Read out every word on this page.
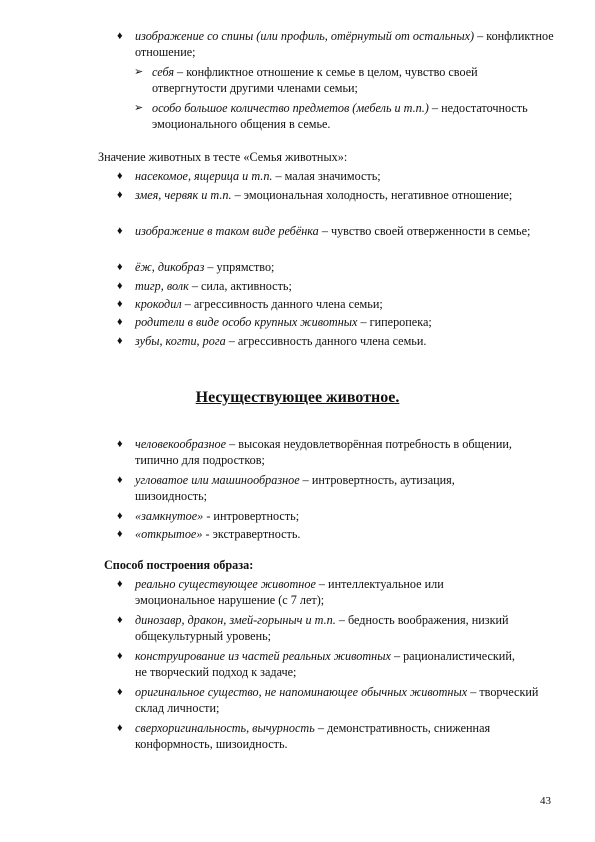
♦ изображение со спины (или профиль, отёрнутый от остальных) – конфликтное отношение;
➢ себя – конфликтное отношение к семье в целом, чувство своей отвергнутости другими членами семьи;
➢ особо большое количество предметов (мебель и т.п.) – недостаточность эмоционального общения в семье.
Значение животных в тесте «Семья животных»:
♦ насекомое, ящерица и т.п. – малая значимость;
♦ змея, червяк и т.п. – эмоциональная холодность, негативное отношение;
♦ изображение в таком виде ребёнка – чувство своей отверженности в семье;
♦ ёж, дикобраз – упрямство;
♦ тигр, волк – сила, активность;
♦ крокодил – агрессивность данного члена семьи;
♦ родители в виде особо крупных животных – гиперопека;
♦ зубы, когти, рога – агрессивность данного члена семьи.
Несуществующее животное.
♦ человекообразное – высокая неудовлетворённая потребность в общении, типично для подростков;
♦ угловатое или машинообразное – интровертность, аутизация, шизоидность;
♦ «замкнутое» - интровертность;
♦ «открытое» - экстравертность.
Способ построения образа:
♦ реально существующее животное – интеллектуальное или эмоциональное нарушение (с 7 лет);
♦ динозавр, дракон, змей-горыныч и т.п. – бедность воображения, низкий общекультурный уровень;
♦ конструирование из частей реальных животных – рационалистический, не творческий подход к задаче;
♦ оригинальное существо, не напоминающее обычных животных – творческий склад личности;
♦ сверхоригинальность, вычурность – демонстративность, сниженная конформность, шизоидность.
43
